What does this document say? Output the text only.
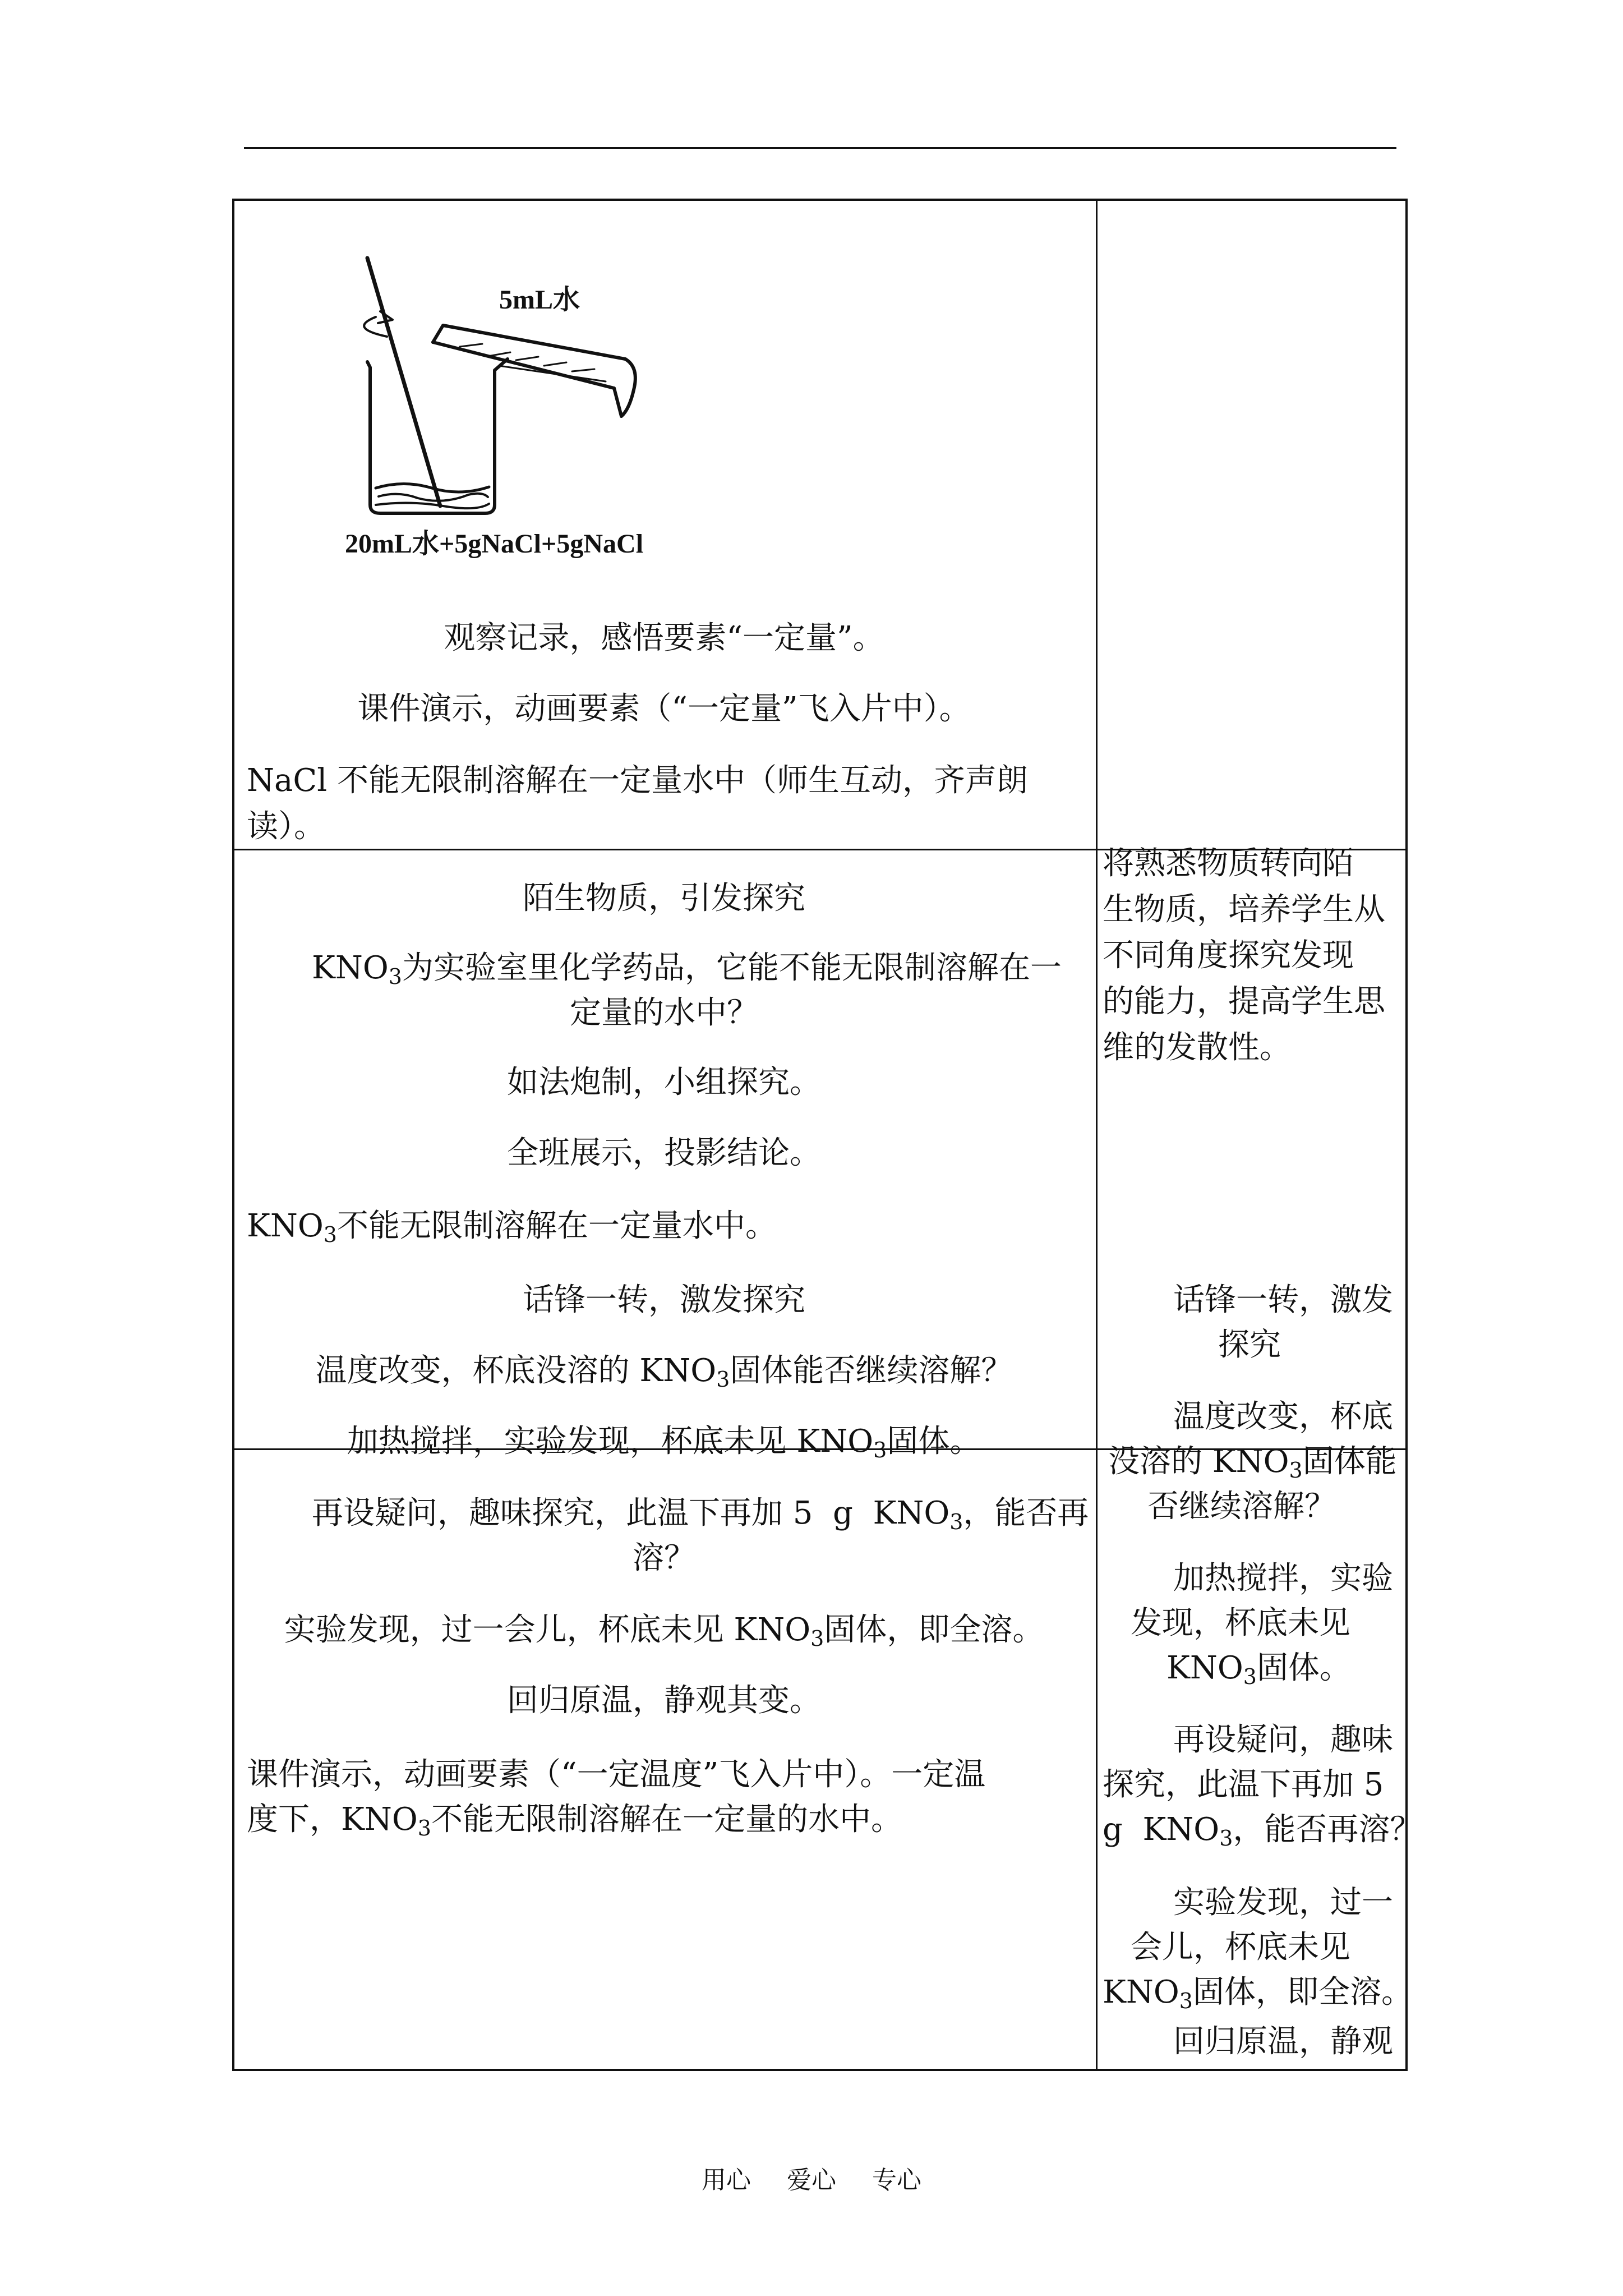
5mL水
20mL水+5gNaCl+5gNaCl
观察记录，感悟要素“一定量”。
课件演示，动画要素（“一定量”飞入片中）。
NaCl 不能无限制溶解在一定量水中（师生互动，齐声朗
读）。
陌生物质，引发探究
$KNO_3$为实验室里化学药品，它能不能无限制溶解在一
定量的水中？
如法炮制，小组探究。
全班展示，投影结论。
$KNO_3$不能无限制溶解在一定量水中。
将熟悉物质转向陌
生物质，培养学生从
不同角度探究发现
的能力，提高学生思
维的发散性。
话锋一转，激发探究
温度改变，杯底没溶的 $KNO_3$固体能否继续溶解？
加热搅拌，实验发现，杯底未见 $KNO_3$固体。
再设疑问，趣味探究，此温下再加 5  g  $KNO_3$，能否再
溶？
实验发现，过一会儿，杯底未见 $KNO_3$固体，即全溶。
回归原温，静观其变。
课件演示，动画要素（“一定温度”飞入片中）。一定温
度下，$KNO_3$不能无限制溶解在一定量的水中。
话锋一转，激发
探究
温度改变，杯底
没溶的 $KNO_3$固体能
否继续溶解？
加热搅拌，实验
发现，杯底未见
$KNO_3$固体。
再设疑问，趣味
探究，此温下再加 5
g  $KNO_3$，能否再溶？
实验发现，过一
会儿，杯底未见
$KNO_3$固体，即全溶。
回归原温，静观
用心 爱心 专心
